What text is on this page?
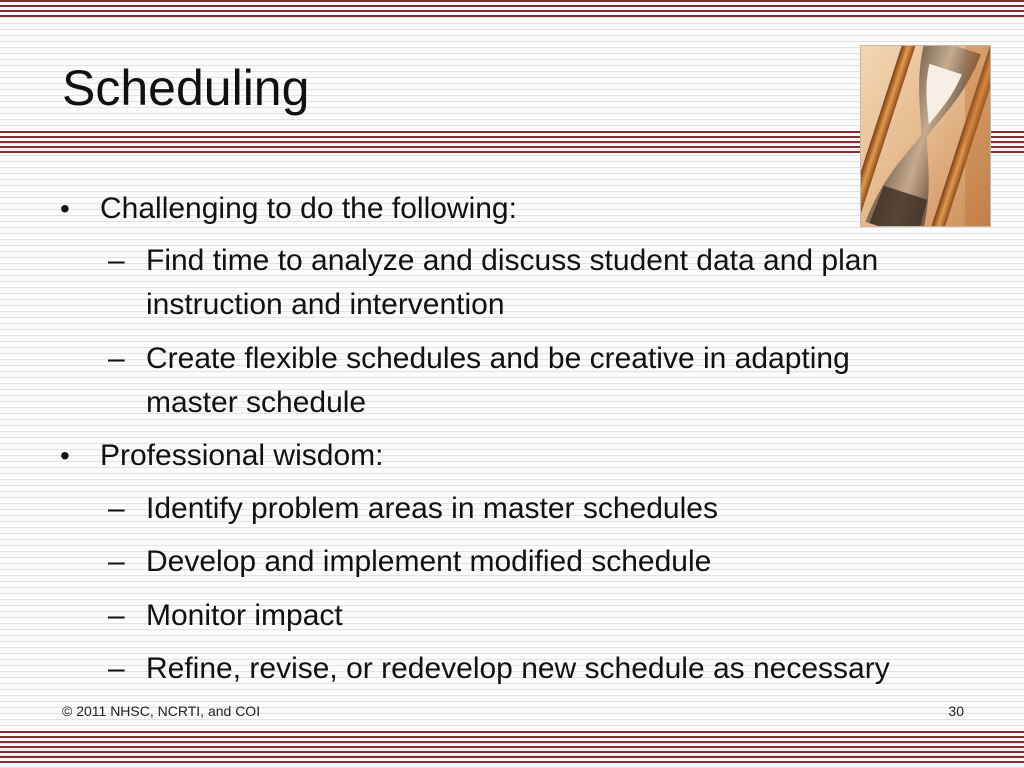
Scheduling
• Challenging to do the following:
– Find time to analyze and discuss student data and plan
instruction and intervention
– Create flexible schedules and be creative in adapting
master schedule
• Professional wisdom:
– Identify problem areas in master schedules
– Develop and implement modified schedule
– Monitor impact
– Refine, revise, or redevelop new schedule as necessary
© 2011 NHSC, NCRTI, and COI	30
